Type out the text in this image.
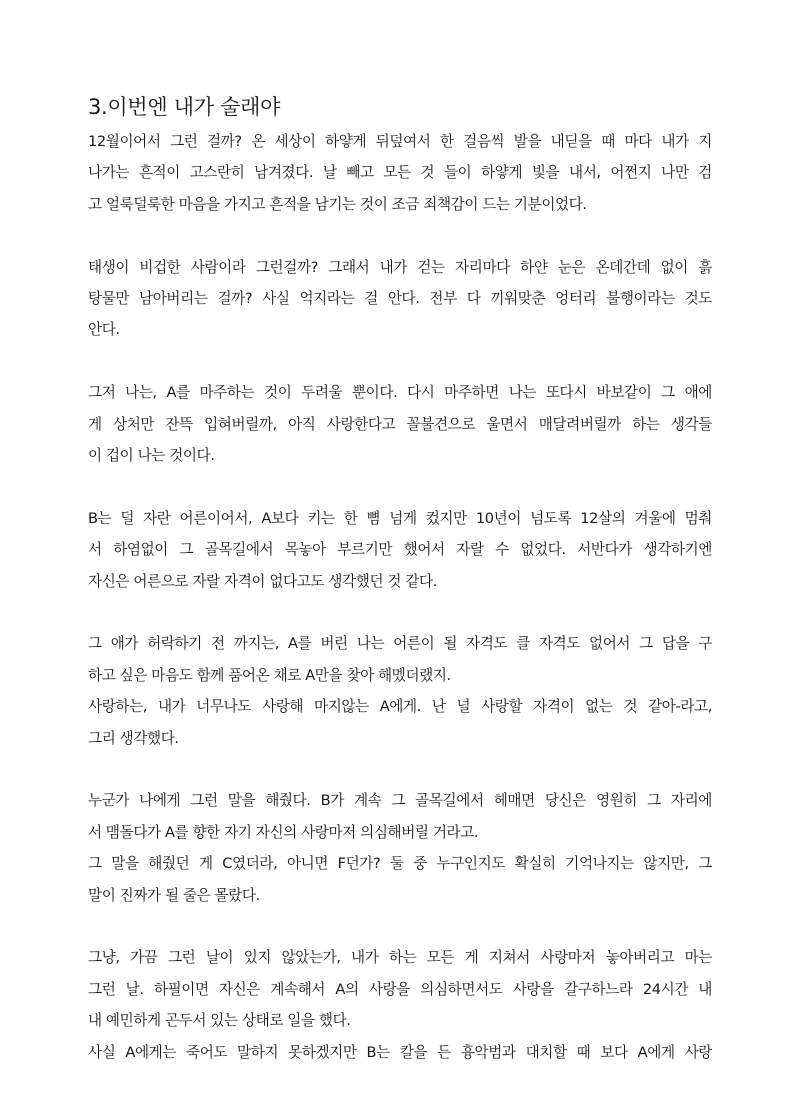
3.이번엔 내가 술래야
12월이어서 그런 걸까? 온 세상이 하얗게 뒤덮여서 한 걸음씩 발을 내딛을 때 마다 내가 지
나가는 흔적이 고스란히 남겨졌다. 날 빼고 모든 것 들이 하얗게 빛을 내서, 어쩐지 나만 검
고 얼룩덜룩한 마음을 가지고 흔적을 남기는 것이 조금 죄책감이 드는 기분이었다.
태생이 비겁한 사람이라 그런걸까? 그래서 내가 걷는 자리마다 하얀 눈은 온데간데 없이 흙
탕물만 남아버리는 걸까? 사실 억지라는 걸 안다. 전부 다 끼워맞춘 엉터리 불행이라는 것도
안다.
그저 나는, A를 마주하는 것이 두려울 뿐이다. 다시 마주하면 나는 또다시 바보같이 그 애에
게 상처만 잔뜩 입혀버릴까, 아직 사랑한다고 꼴불견으로 울면서 매달려버릴까 하는 생각들
이 겁이 나는 것이다.
B는 덜 자란 어른이어서, A보다 키는 한 뼘 넘게 컸지만 10년이 넘도록 12살의 겨울에 멈춰
서 하염없이 그 골목길에서 목놓아 부르기만 했어서 자랄 수 없었다. 서반다가 생각하기엔
자신은 어른으로 자랄 자격이 없다고도 생각했던 것 같다.
그 애가 허락하기 전 까지는, A를 버린 나는 어른이 될 자격도 클 자격도 없어서 그 답을 구
하고 싶은 마음도 함께 품어온 채로 A만을 찾아 해멨더랬지.
사랑하는, 내가 너무나도 사랑해 마지않는 A에게. 난 널 사랑할 자격이 없는 것 같아-라고,
그리 생각했다.
누군가 나에게 그런 말을 해줬다. B가 계속 그 골목길에서 헤매면 당신은 영원히 그 자리에
서 맴돌다가 A를 향한 자기 자신의 사랑마저 의심해버릴 거라고.
그 말을 해줬던 게 C였더라, 아니면 F던가? 둘 중 누구인지도 확실히 기억나지는 않지만, 그
말이 진짜가 될 줄은 몰랐다.
그냥, 가끔 그런 날이 있지 않았는가, 내가 하는 모든 게 지쳐서 사랑마저 놓아버리고 마는
그런 날. 하필이면 자신은 계속해서 A의 사랑을 의심하면서도 사랑을 갈구하느라 24시간 내
내 예민하게 곤두서 있는 상태로 일을 했다.
사실 A에게는 죽어도 말하지 못하겠지만 B는 칼을 든 흉악범과 대치할 때 보다 A에게 사랑
